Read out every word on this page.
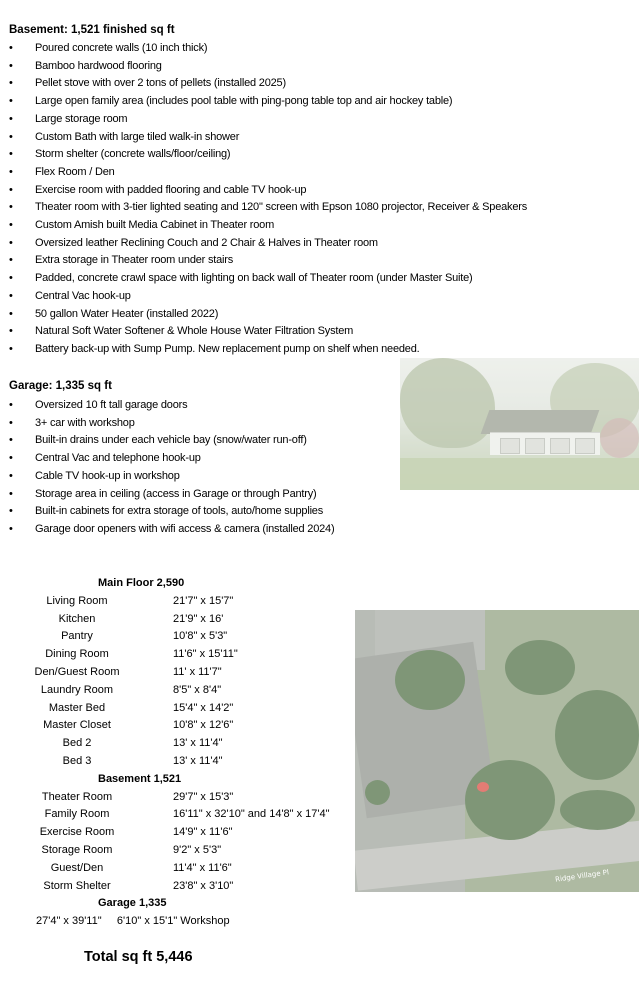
Ridge Village Pl
Basement: 1,521 finished sq ft
• Poured concrete walls (10 inch thick)
• Bamboo hardwood flooring
• Pellet stove with over 2 tons of pellets (installed 2025)
• Large open family area (includes pool table with ping-pong table top and air hockey table)
• Large storage room
• Custom Bath with large tiled walk-in shower
• Storm shelter (concrete walls/floor/ceiling)
• Flex Room / Den
• Exercise room with padded flooring and cable TV hook-up
• Theater room with 3-tier lighted seating and 120" screen with Epson 1080 projector, Receiver & Speakers
• Custom Amish built Media Cabinet in Theater room
• Oversized leather Reclining Couch and 2 Chair & Halves in Theater room
• Extra storage in Theater room under stairs
• Padded, concrete crawl space with lighting on back wall of Theater room (under Master Suite)
• Central Vac hook-up
• 50 gallon Water Heater (installed 2022)
• Natural Soft Water Softener & Whole House Water Filtration System
• Battery back-up with Sump Pump. New replacement pump on shelf when needed.
Garage: 1,335 sq ft
• Oversized 10 ft tall garage doors
• 3+ car with workshop
• Built-in drains under each vehicle bay (snow/water run-off)
• Central Vac and telephone hook-up
• Cable TV hook-up in workshop
• Storage area in ceiling (access in Garage or through Pantry)
• Built-in cabinets for extra storage of tools, auto/home supplies
• Garage door openers with wifi access & camera (installed 2024)
Main Floor 2,590
Living Room	21'7" x 15'7"
Kitchen	21'9" x 16'
Pantry	10'8" x 5'3"
Dining Room	11'6" x 15'11"
Den/Guest Room	11' x 11'7"
Laundry Room	8'5" x 8'4"
Master Bed	15'4" x 14'2"
Master Closet	10'8" x 12'6"
Bed 2	13' x 11'4"
Bed 3	13' x 11'4"
Basement 1,521
Theater Room	29'7" x 15'3"
Family Room	16'11" x 32'10" and 14'8" x 17'4"
Exercise Room	14'9" x 11'6"
Storage Room	9'2" x 5'3"
Guest/Den	11'4" x 11'6"
Storm Shelter	23'8" x 3'10"
Garage 1,335
27'4" x 39'11"     6'10" x 15'1" Workshop
Total sq ft 5,446
